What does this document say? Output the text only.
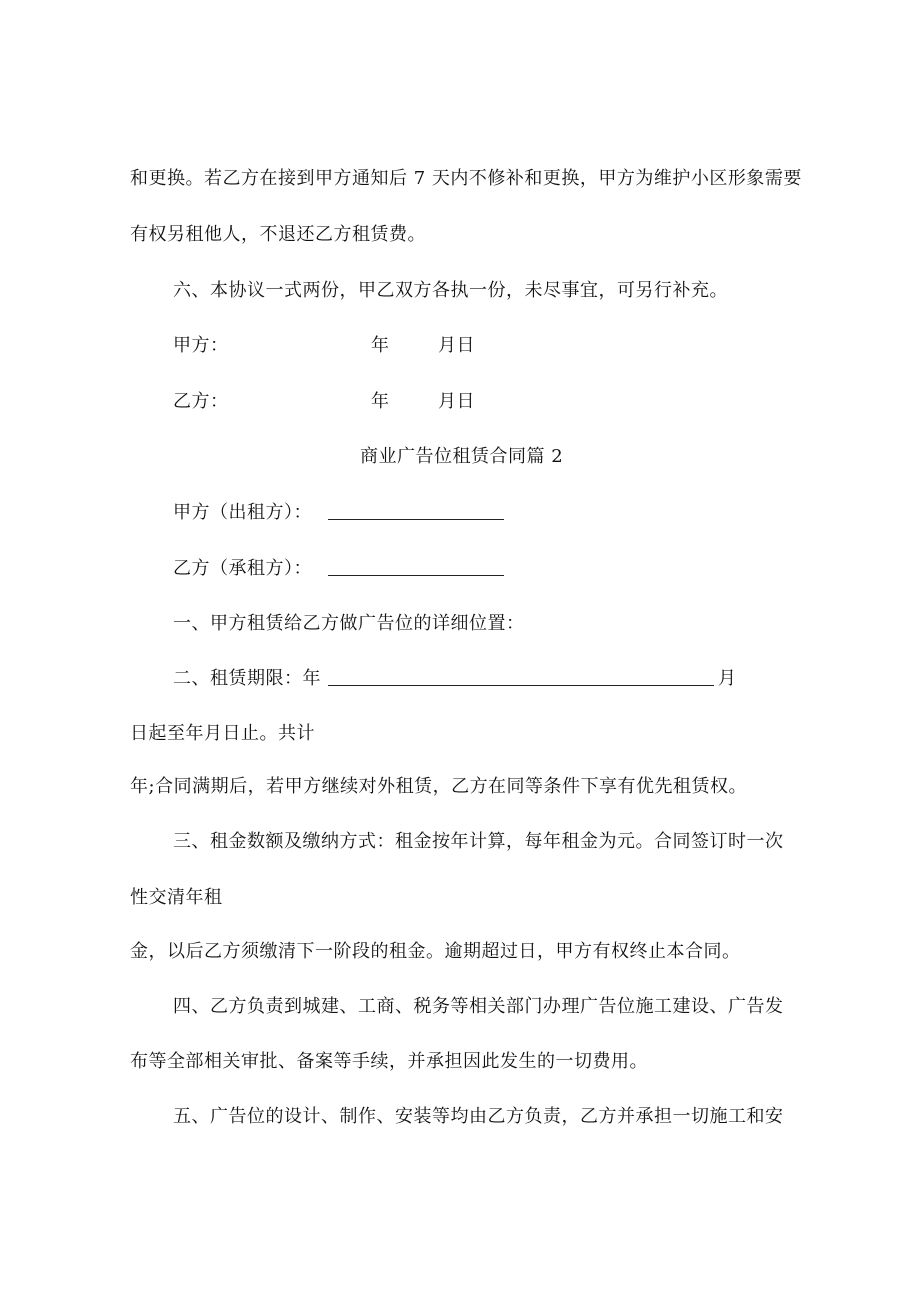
和更换。若乙方在接到甲方通知后 7 天内不修补和更换，甲方为维护小区形象需要
有权另租他人，不退还乙方租赁费。
六、本协议一式两份，甲乙双方各执一份，未尽事宜，可另行补充。
甲方：	年	月日
乙方：	年	月日
商业广告位租赁合同篇 2
甲方（出租方）：
乙方（承租方）：
一、甲方租赁给乙方做广告位的详细位置：
二、租赁期限：年	月
日起至年月日止。共计
年;合同满期后，若甲方继续对外租赁，乙方在同等条件下享有优先租赁权。
三、租金数额及缴纳方式：租金按年计算，每年租金为元。合同签订时一次
性交清年租
金，以后乙方须缴清下一阶段的租金。逾期超过日，甲方有权终止本合同。
四、乙方负责到城建、工商、税务等相关部门办理广告位施工建设、广告发
布等全部相关审批、备案等手续，并承担因此发生的一切费用。
五、广告位的设计、制作、安装等均由乙方负责，乙方并承担一切施工和安
